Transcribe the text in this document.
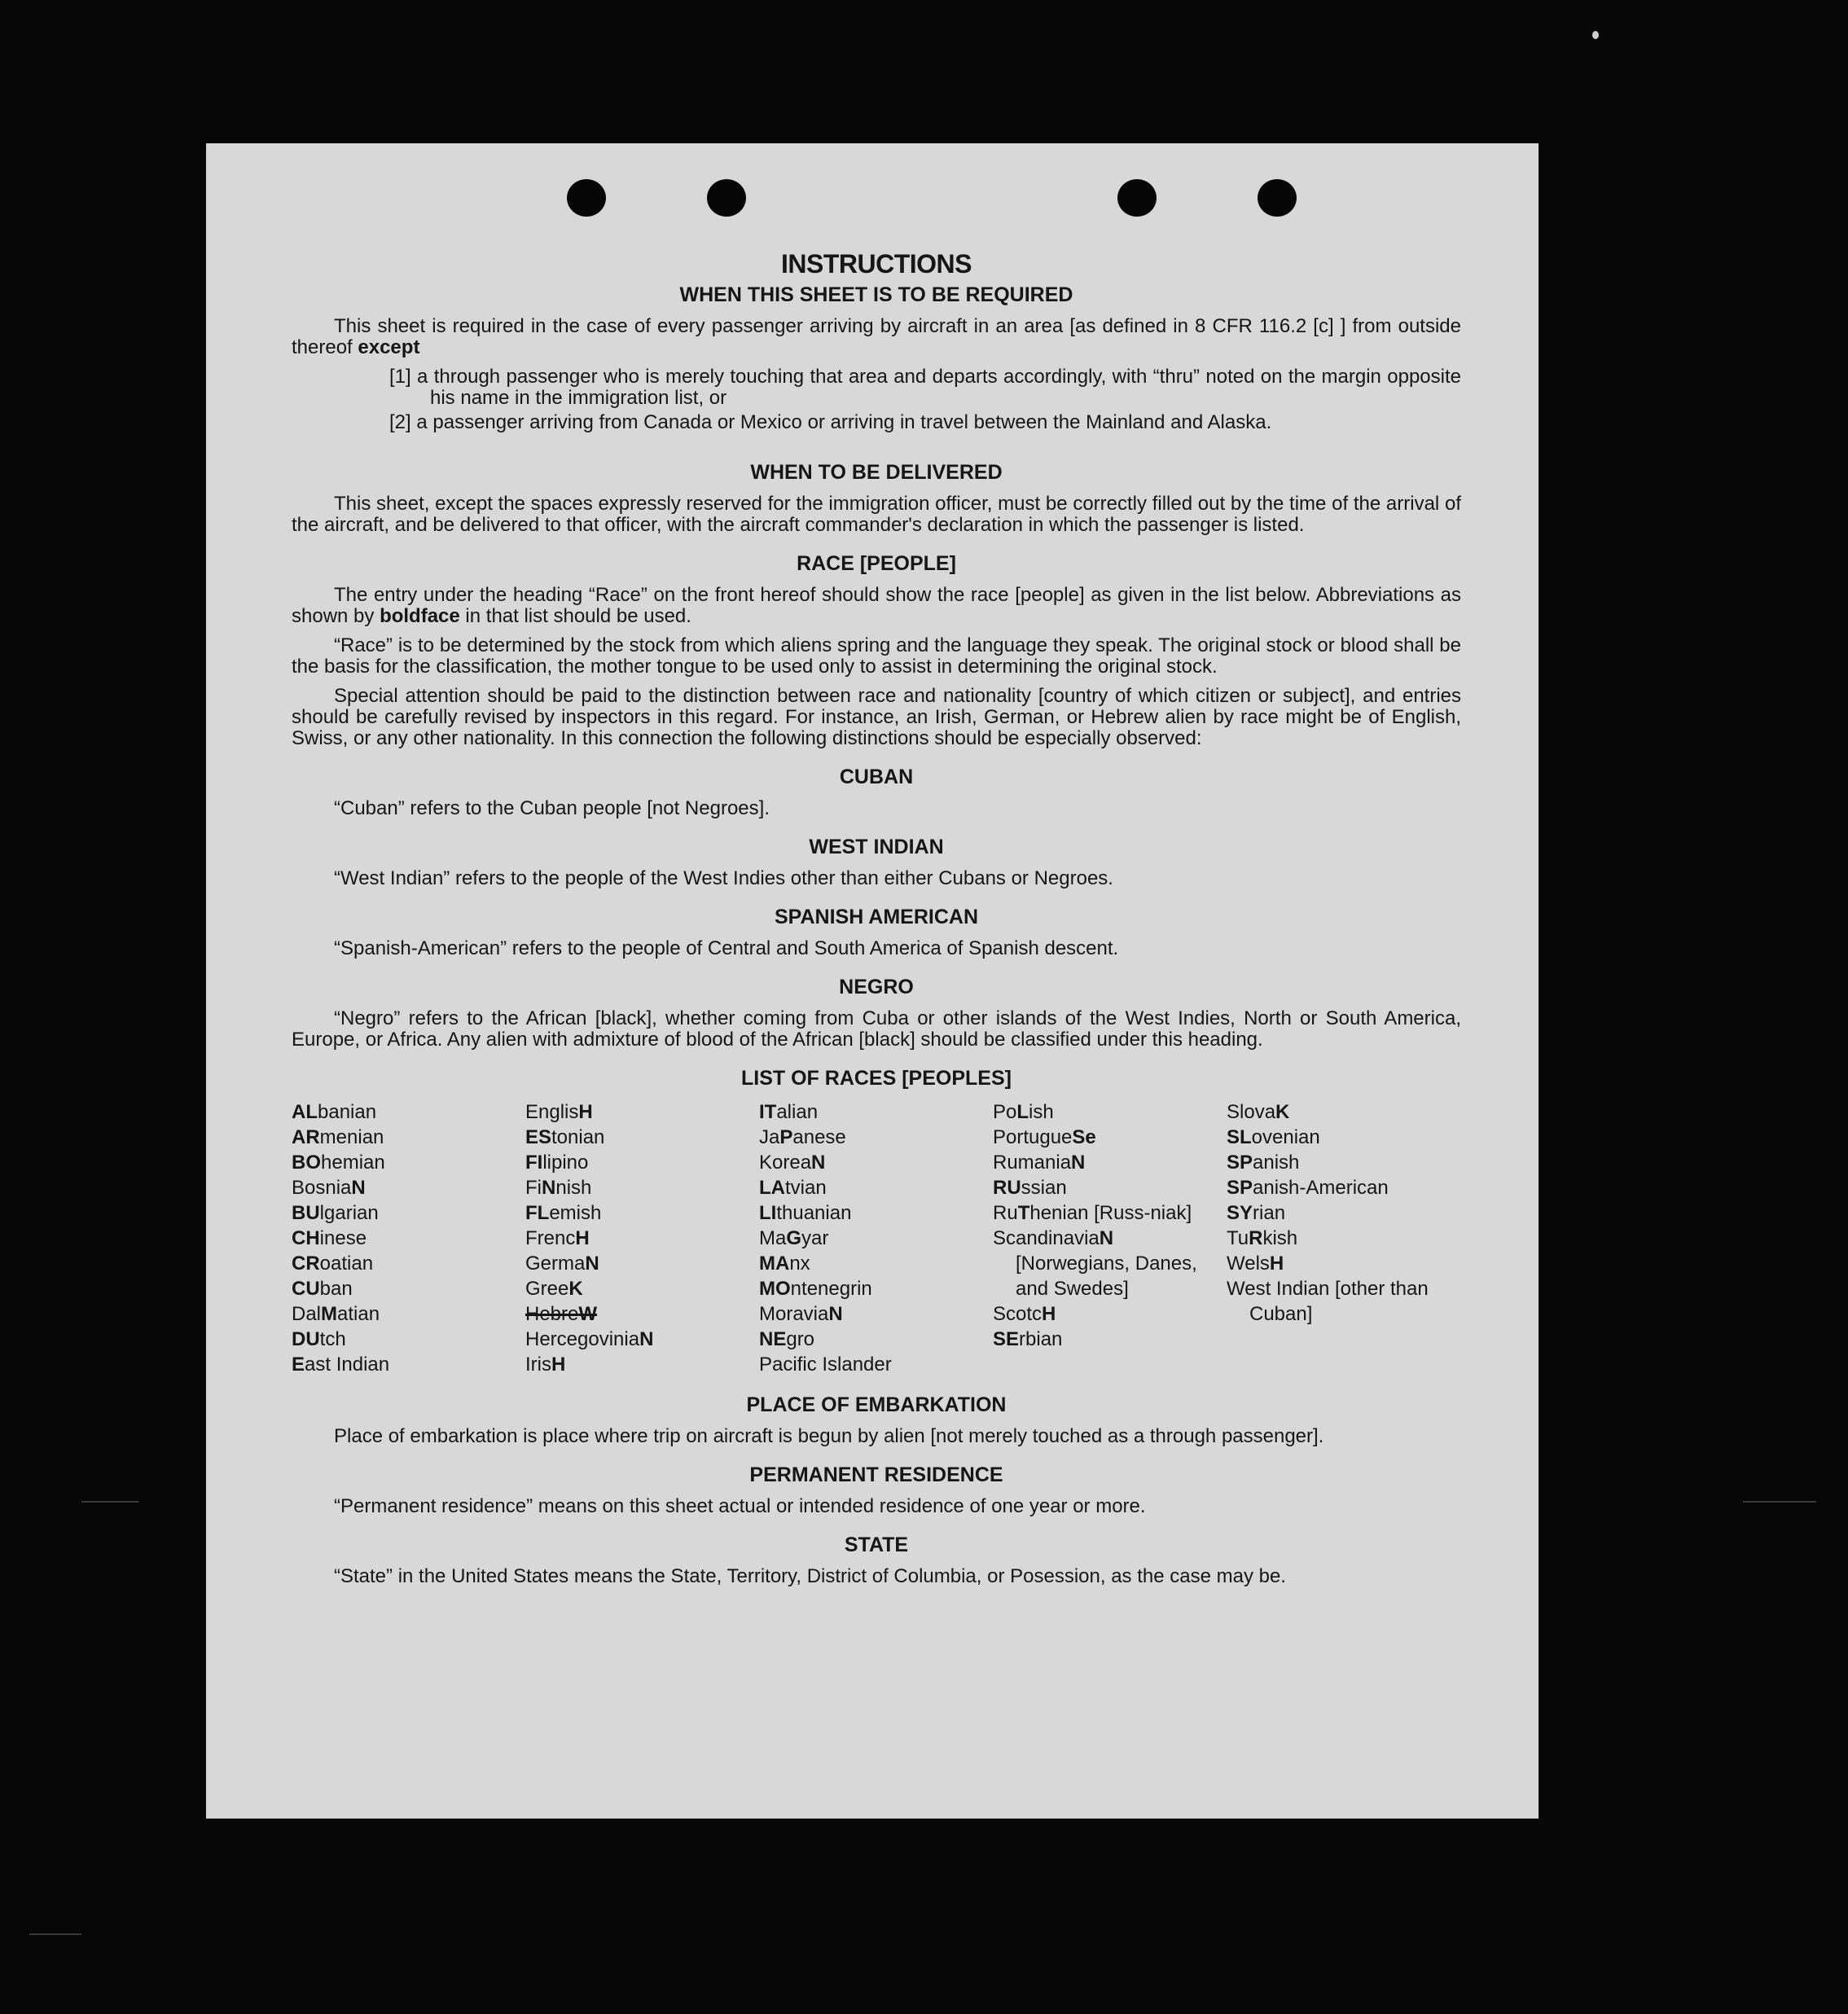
INSTRUCTIONS
WHEN THIS SHEET IS TO BE REQUIRED

This sheet is required in the case of every passenger arriving by aircraft in an area [as defined in 8 CFR 116.2 [c] ] from outside thereof except

[1] a through passenger who is merely touching that area and departs accordingly, with “thru” noted on the margin opposite his name in the immigration list, or

[2] a passenger arriving from Canada or Mexico or arriving in travel between the Mainland and Alaska.

WHEN TO BE DELIVERED

This sheet, except the spaces expressly reserved for the immigration officer, must be correctly filled out by the time of the arrival of the aircraft, and be delivered to that officer, with the aircraft commander's declaration in which the passenger is listed.

RACE [PEOPLE]

The entry under the heading “Race” on the front hereof should show the race [people] as given in the list below. Abbreviations as shown by boldface in that list should be used.

“Race” is to be determined by the stock from which aliens spring and the language they speak. The original stock or blood shall be the basis for the classification, the mother tongue to be used only to assist in determining the original stock.

Special attention should be paid to the distinction between race and nationality [country of which citizen or subject], and entries should be carefully revised by inspectors in this regard. For instance, an Irish, German, or Hebrew alien by race might be of English, Swiss, or any other nationality. In this connection the following distinctions should be especially observed:

CUBAN

“Cuban” refers to the Cuban people [not Negroes].

WEST INDIAN

“West Indian” refers to the people of the West Indies other than either Cubans or Negroes.

SPANISH AMERICAN

“Spanish-American” refers to the people of Central and South America of Spanish descent.

NEGRO

“Negro” refers to the African [black], whether coming from Cuba or other islands of the West Indies, North or South America, Europe, or Africa. Any alien with admixture of blood of the African [black] should be classified under this heading.

LIST OF RACES [PEOPLES]
ALbanian
ARmenian
BOhemian
BosniaN
BUlgarian
CHinese
CRoatian
CUban
DalMatian
DUtch
East Indian
EnglisH
EStonian
FIlipino
FiNnish
FLemish
FrencH
GermaN
GreeK
HebreW
HercegoviniaN
IrisH
ITalian
JaPanese
KoreaN
LAtvian
LIthuanian
MaGyar
MAnx
MOntenegrin
MoraviaN
NEgro
Pacific Islander
PoLish
PortugueSe
RumaniaN
RUssian
RuThenian [Russ-niak]
ScandinaviaN [Norwegians, Danes, and Swedes]
ScotcH
SErbian
SlovaK
SLovenian
SPanish
SPanish-American
SYrian
TuRkish
WelsH
West Indian [other than Cuban]
PLACE OF EMBARKATION

Place of embarkation is place where trip on aircraft is begun by alien [not merely touched as a through passenger].

PERMANENT RESIDENCE

“Permanent residence” means on this sheet actual or intended residence of one year or more.

STATE

“State” in the United States means the State, Territory, District of Columbia, or Posession, as the case may be.
